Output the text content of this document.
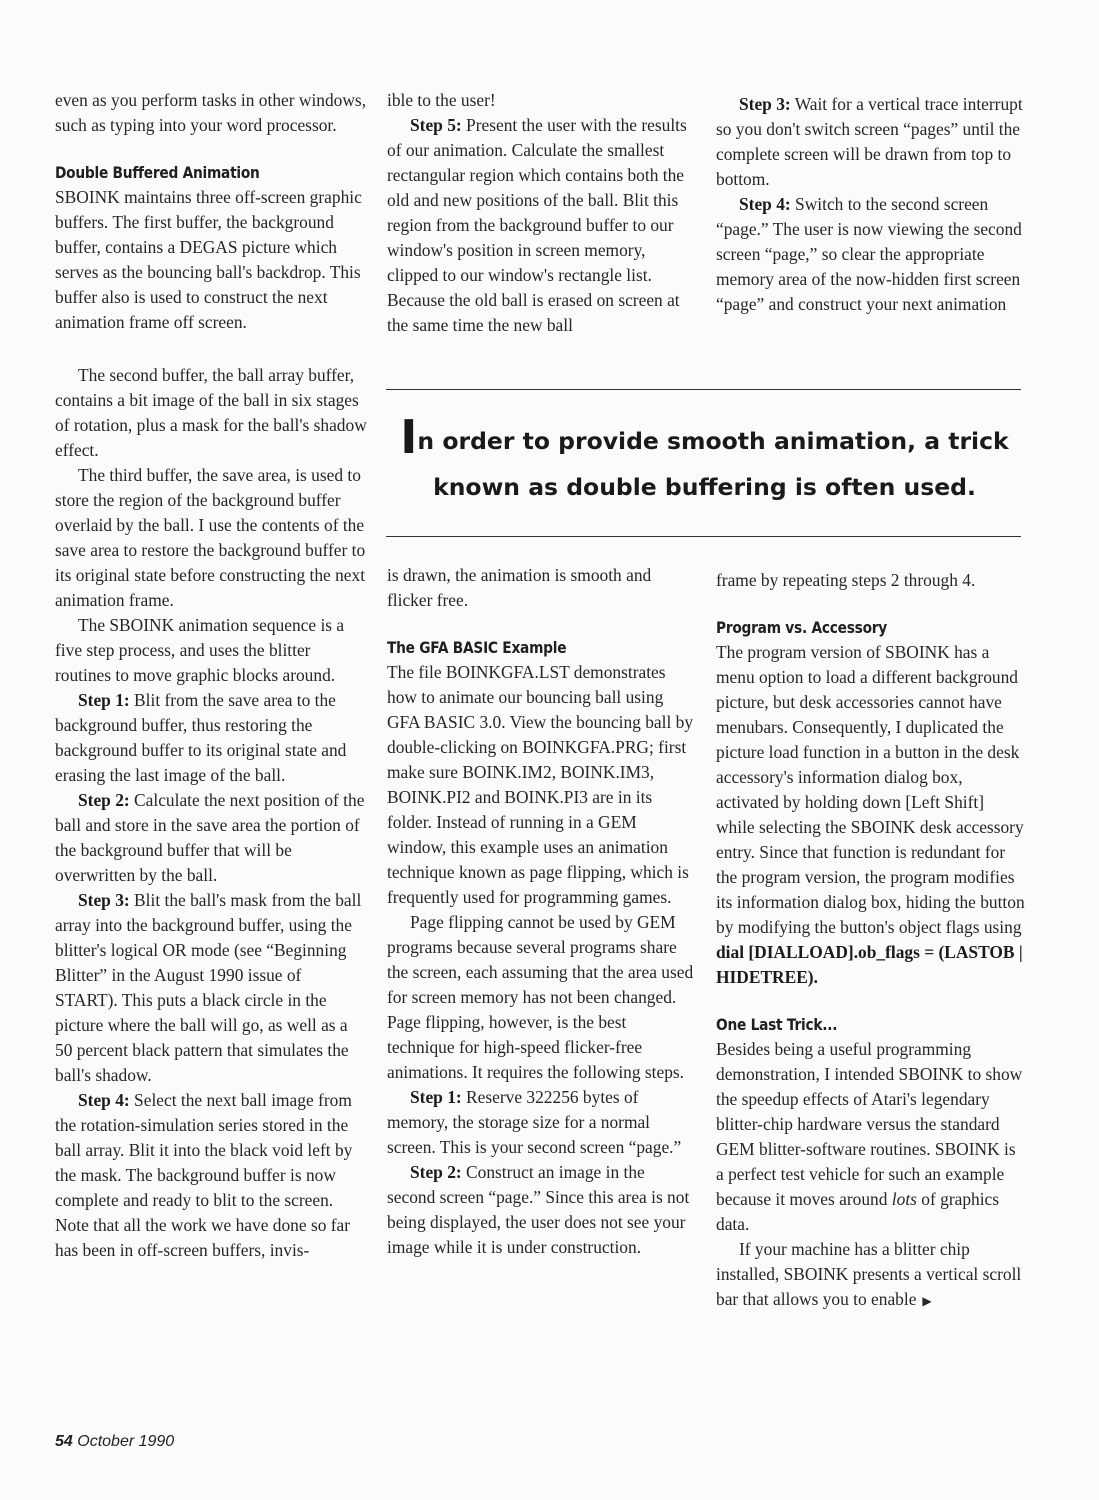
even as you perform tasks in other windows, such as typing into your word processor.

Double Buffered Animation

SBOINK maintains three off-screen graphic buffers. The first buffer, the background buffer, contains a DEGAS picture which serves as the bouncing ball's backdrop. This buffer also is used to construct the next animation frame off screen.

ible to the user!

Step 5: Present the user with the results of our animation. Calculate the smallest rectangular region which contains both the old and new positions of the ball. Blit this region from the background buffer to our window's position in screen memory, clipped to our window's rectangle list. Because the old ball is erased on screen at the same time the new ball

Step 3: Wait for a vertical trace interrupt so you don't switch screen “pages” until the complete screen will be drawn from top to bottom.

Step 4: Switch to the second screen “page.” The user is now viewing the second screen “page,” so clear the appropriate memory area of the now-hidden first screen “page” and construct your next animation

In order to provide smooth animation, a trick
known as double buffering is often used.

The second buffer, the ball array buffer, contains a bit image of the ball in six stages of rotation, plus a mask for the ball's shadow effect.

The third buffer, the save area, is used to store the region of the background buffer overlaid by the ball. I use the contents of the save area to restore the background buffer to its original state before constructing the next animation frame.

The SBOINK animation sequence is a five step process, and uses the blitter routines to move graphic blocks around.

Step 1: Blit from the save area to the background buffer, thus restoring the background buffer to its original state and erasing the last image of the ball.

Step 2: Calculate the next position of the ball and store in the save area the portion of the background buffer that will be overwritten by the ball.

Step 3: Blit the ball's mask from the ball array into the background buffer, using the blitter's logical OR mode (see “Beginning Blitter” in the August 1990 issue of START). This puts a black circle in the picture where the ball will go, as well as a 50 percent black pattern that simulates the ball's shadow.

Step 4: Select the next ball image from the rotation-simulation series stored in the ball array. Blit it into the black void left by the mask. The background buffer is now complete and ready to blit to the screen. Note that all the work we have done so far has been in off-screen buffers, invis-

is drawn, the animation is smooth and flicker free.

The GFA BASIC Example

The file BOINKGFA.LST demonstrates how to animate our bouncing ball using GFA BASIC 3.0. View the bouncing ball by double-clicking on BOINKGFA.PRG; first make sure BOINK.IM2, BOINK.IM3, BOINK.PI2 and BOINK.PI3 are in its folder. Instead of running in a GEM window, this example uses an animation technique known as page flipping, which is frequently used for programming games.

Page flipping cannot be used by GEM programs because several programs share the screen, each assuming that the area used for screen memory has not been changed. Page flipping, however, is the best technique for high-speed flicker-free animations. It requires the following steps.

Step 1: Reserve 322256 bytes of memory, the storage size for a normal screen. This is your second screen “page.”

Step 2: Construct an image in the second screen “page.” Since this area is not being displayed, the user does not see your image while it is under construction.

frame by repeating steps 2 through 4.

Program vs. Accessory

The program version of SBOINK has a menu option to load a different background picture, but desk accessories cannot have menubars. Consequently, I duplicated the picture load function in a button in the desk accessory's information dialog box, activated by holding down [Left Shift] while selecting the SBOINK desk accessory entry. Since that function is redundant for the program version, the program modifies its information dialog box, hiding the button by modifying the button's object flags using dial [DIALLOAD].ob_flags = (LASTOB | HIDETREE).

One Last Trick...

Besides being a useful programming demonstration, I intended SBOINK to show the speedup effects of Atari's legendary blitter-chip hardware versus the standard GEM blitter-software routines. SBOINK is a perfect test vehicle for such an example because it moves around lots of graphics data.

If your machine has a blitter chip installed, SBOINK presents a vertical scroll bar that allows you to enable ▶

54 October 1990
